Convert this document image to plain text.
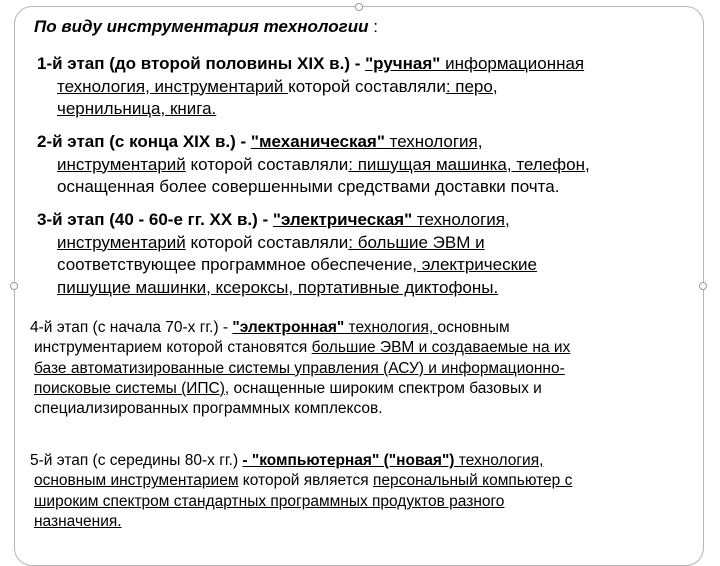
По виду инструментария технологии :
1-й этап (до второй половины XIX в.) - "ручная" информационная
технология, инструментарий которой составляли: перо,
чернильница, книга.
2-й этап (с конца XIX в.) - "механическая" технология,
инструментарий которой составляли: пишущая машинка, телефон,
оснащенная более совершенными средствами доставки почта.
3-й этап (40 - 60-е гг. XX в.) - "электрическая" технология,
инструментарий которой составляли: большие ЭВМ и
соответствующее программное обеспечение, электрические
пишущие машинки, ксероксы, портативные диктофоны.
4-й этап (с начала 70-х гг.) - "электронная" технология, основным
инструментарием которой становятся большие ЭВМ и создаваемые на их
базе автоматизированные системы управления (АСУ) и информационно-
поисковые системы (ИПС), оснащенные широким спектром базовых и
специализированных программных комплексов.
5-й этап (с середины 80-х гг.) - "компьютерная" ("новая") технология,
основным инструментарием которой является персональный компьютер с
широким спектром стандартных программных продуктов разного
назначения.
